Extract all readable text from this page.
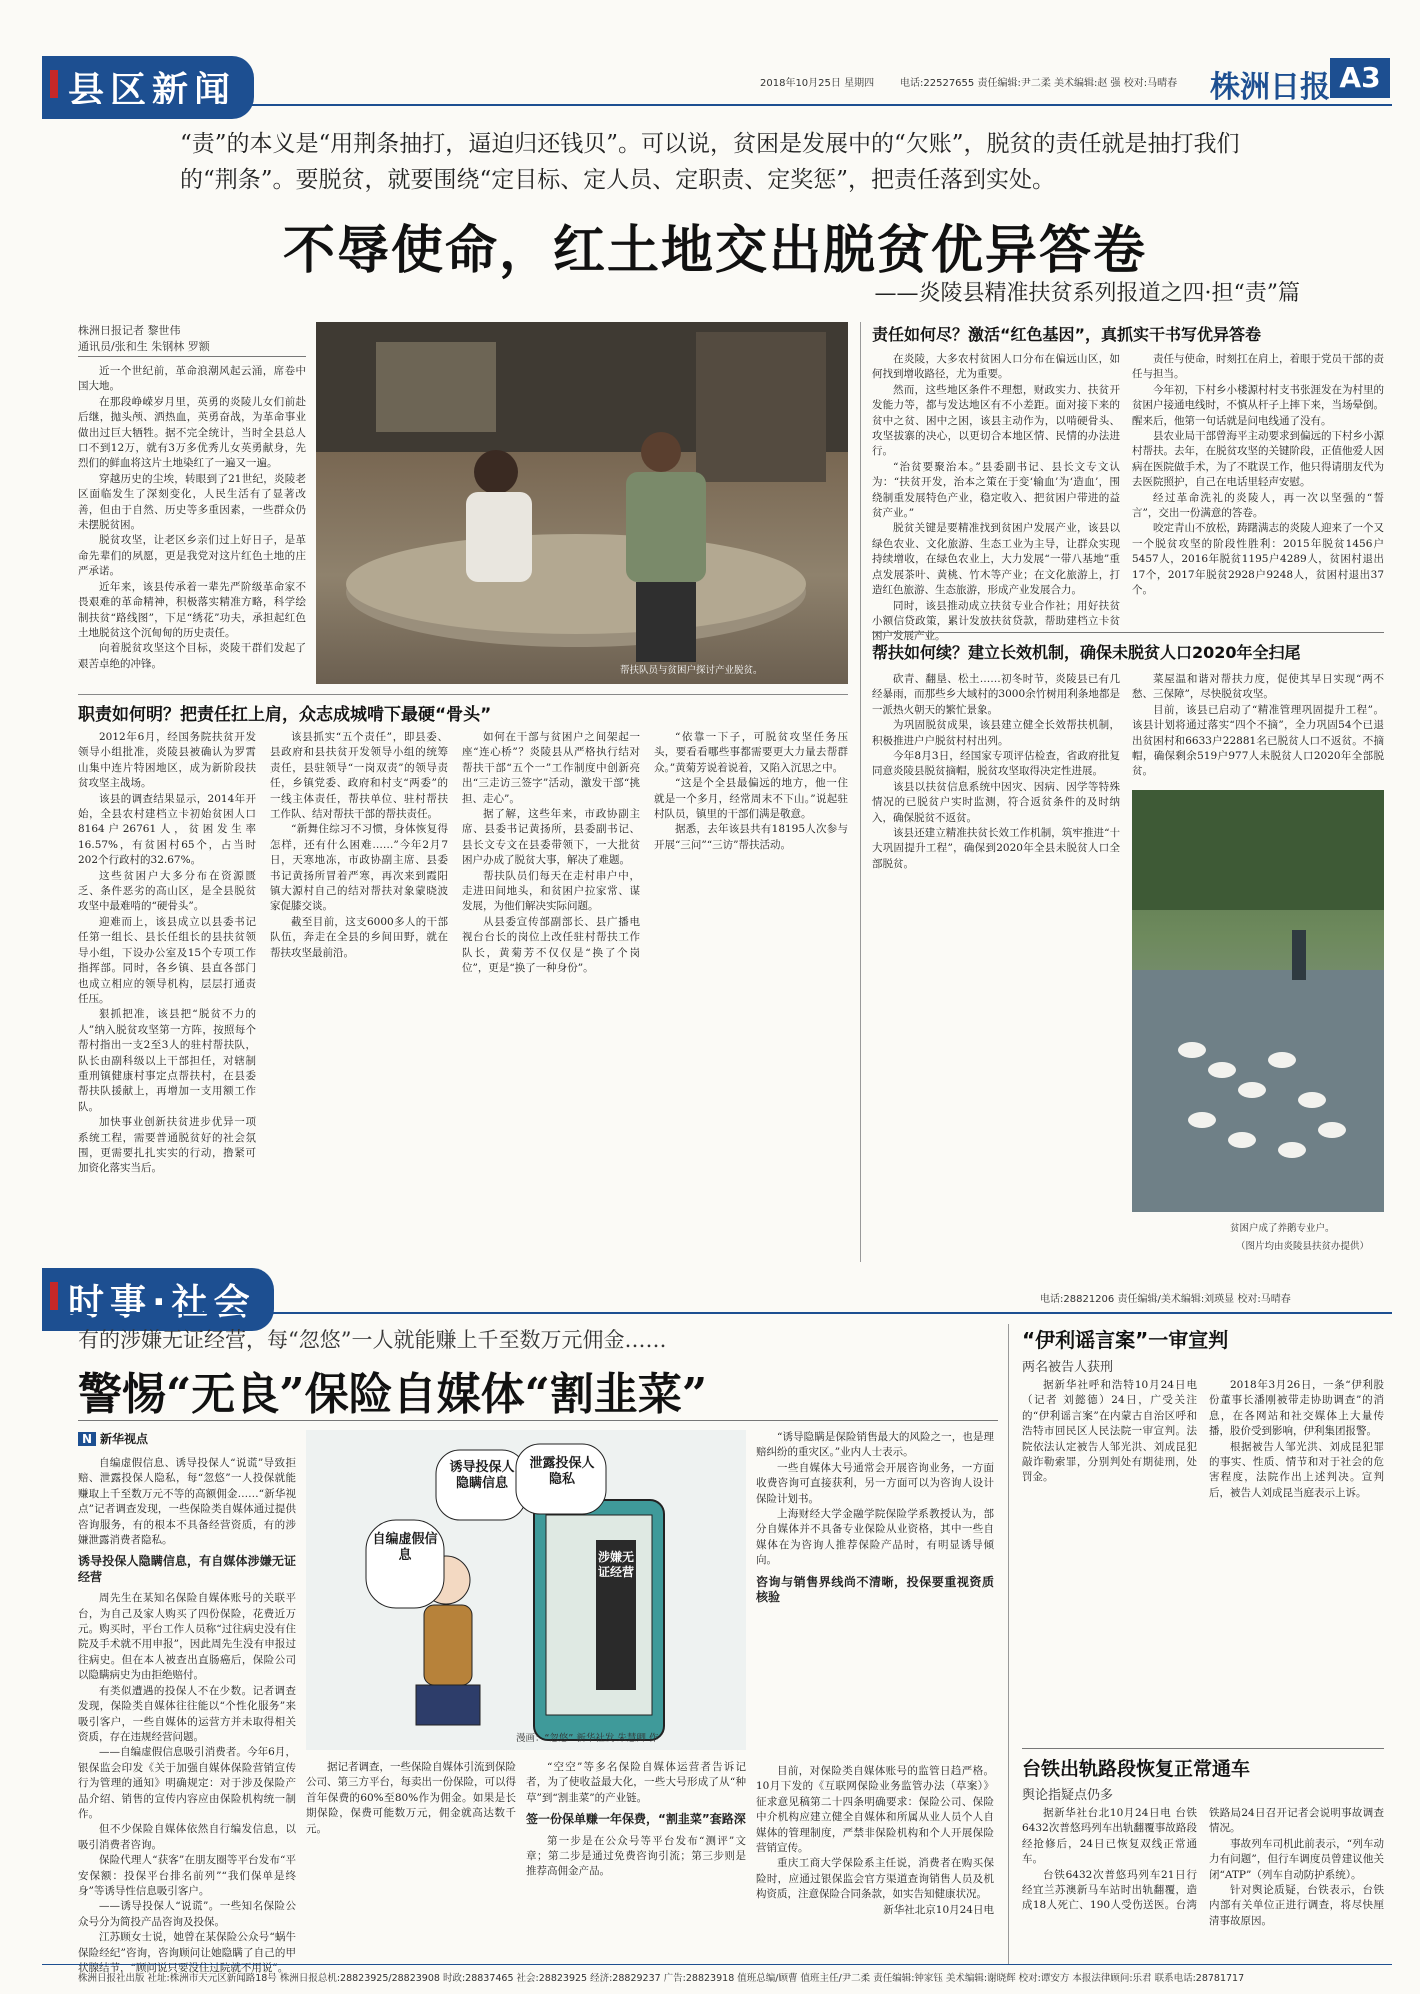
县区新闻	2018年10月25日 星期四	电话:22527655 责任编辑:尹二柔 美术编辑:赵 强 校对:马晴春	株洲日报 A3
“责”的本义是“用荆条抽打，逼迫归还钱贝”。可以说，贫困是发展中的“欠账”，脱贫的责任就是抽打我们的“荆条”。要脱贫，就要围绕“定目标、定人员、定职责、定奖惩”，把责任落到实处。
不辱使命，红土地交出脱贫优异答卷
——炎陵县精准扶贫系列报道之四·担“责”篇
株洲日报记者 黎世伟
通讯员/张和生 朱钢林 罗额

近一个世纪前，革命浪潮风起云涌，席卷中国大地。

在那段峥嵘岁月里，英勇的炎陵儿女们前赴后继，抛头颅、洒热血，英勇奋战，为革命事业做出过巨大牺牲。据不完全统计，当时全县总人口不到12万，就有3万多优秀儿女英勇献身，先烈们的鲜血将这片土地染红了一遍又一遍。

穿越历史的尘埃，转眼到了21世纪，炎陵老区面临发生了深刻变化，人民生活有了显著改善，但由于自然、历史等多重因素，一些群众仍未摆脱贫困。

脱贫攻坚，让老区乡亲们过上好日子，是革命先辈们的夙愿，更是我党对这片红色土地的庄严承诺。

近年来，该县传承着一辈先严阶级革命家不畏艰难的革命精神，积极落实精准方略，科学绘制扶贫“路线图”，下足“绣花”功夫，承担起红色土地脱贫这个沉甸甸的历史责任。

向着脱贫攻坚这个目标，炎陵干群们发起了艰苦卓绝的冲锋。

帮扶队员与贫困户探讨产业脱贫。
职责如何明？把责任扛上肩，众志成城啃下最硬“骨头”

2012年6月，经国务院扶贫开发领导小组批准，炎陵县被确认为罗霄山集中连片特困地区，成为新阶段扶贫攻坚主战场。

该县的调查结果显示，2014年开始，全县农村建档立卡初始贫困人口8164户26761人，贫困发生率16.57%，有贫困村65个，占当时202个行政村的32.67%。

这些贫困户大多分布在资源匮乏、条件恶劣的高山区，是全县脱贫攻坚中最难啃的“硬骨头”。

迎难而上，该县成立以县委书记任第一组长、县长任组长的县扶贫领导小组，下设办公室及15个专项工作指挥部。同时，各乡镇、县直各部门也成立相应的领导机构，层层打通责任压。

狠抓把准，该县把“脱贫不力的人”纳入脱贫攻坚第一方阵，按照每个帮村指出一支2至3人的驻村帮扶队，队长由副科级以上干部担任，对辖制重刑镇健康村事定点帮扶村，在县委帮扶队援献上，再增加一支用额工作队。

加快事业创新扶贫进步优异一项系统工程，需要普通脱贫好的社会氛围，更需要扎扎实实的行动，撸紧可加资化落实当后。

该县抓实“五个责任”，即县委、县政府和县扶贫开发领导小组的统筹责任，县驻领导“一岗双责”的领导责任，乡镇党委、政府和村支“两委”的一线主体责任，帮扶单位、驻村帮扶工作队、结对帮扶干部的帮扶责任。

“新舞住综习不习惯，身体恢复得怎样，还有什么困难……”今年2月7日，天寒地冻，市政协副主席、县委书记黄扬所冒着严寒，再次来到霞阳镇大源村自己的结对帮扶对象蒙晓波家促膝交谈。

截至目前，这支6000多人的干部队伍，奔走在全县的乡间田野，就在帮扶攻坚最前沿。

如何在干部与贫困户之间架起一座“连心桥”？炎陵县从严格执行结对帮扶干部“五个一”工作制度中创新亮出“三走访三签字”活动，激发干部“挑担、走心”。

据了解，这些年来，市政协副主席、县委书记黄扬所，县委副书记、县长文专文在县委带领下，一大批贫困户办成了脱贫大事，解决了难题。

帮扶队员们每天在走村串户中，走进田间地头，和贫困户拉家常、谋发展，为他们解决实际问题。

从县委宣传部副部长、县广播电视台台长的岗位上改任驻村帮扶工作队长，黄菊芳不仅仅是“换了个岗位”，更是“换了一种身份”。

“依靠一下子，可脱贫攻坚任务压头，要看看哪些事都需要更大力量去帮群众。”黄菊芳说着说着，又陷入沉思之中。

“这是个全县最偏远的地方，他一住就是一个多月，经常周末不下山。”说起驻村队员，镇里的干部们满是敬意。

据悉，去年该县共有18195人次参与开展“三问”“三访”帮扶活动。

责任如何尽？激活“红色基因”，真抓实干书写优异答卷

在炎陵，大多农村贫困人口分布在偏远山区，如何找到增收路径，尤为重要。

然而，这些地区条件不理想，财政实力、扶贫开发能力等，都与发达地区有不小差距。面对接下来的贫中之贫、困中之困，该县主动作为，以啃硬骨头、攻坚拔寨的决心，以更切合本地区情、民情的办法进行。

“治贫要聚治本。”县委副书记、县长文专文认为：“扶贫开发，治本之策在于变‘输血’为‘造血’，围绕制重发展特色产业，稳定收入、把贫困户带进的益贫产业。”

脱贫关键是要精准找到贫困户发展产业，该县以绿色农业、文化旅游、生态工业为主导，让群众实现持续增收，在绿色农业上，大力发展“一带八基地”重点发展茶叶、黄桃、竹木等产业；在文化旅游上，打造红色旅游、生态旅游，形成产业发展合力。

同时，该县推动成立扶贫专业合作社；用好扶贫小额信贷政策，累计发放扶贫贷款，帮助建档立卡贫困户发展产业。

责任与使命，时刻扛在肩上，着眼于党员干部的责任与担当。

今年初，下村乡小楼源村村支书张涯发在为村里的贫困户接通电线时，不慎从杆子上摔下来，当场晕倒。醒来后，他第一句话就是问电线通了没有。

县农业局干部曾海平主动要求到偏远的下村乡小源村帮扶。去年，在脱贫攻坚的关键阶段，正值他爱人因病在医院做手术，为了不耽误工作，他只得请朋友代为去医院照护，自己在电话里轻声安慰。

经过革命洗礼的炎陵人，再一次以坚强的“誓言”，交出一份满意的答卷。

咬定青山不放松，踌躇满志的炎陵人迎来了一个又一个脱贫攻坚的阶段性胜利：2015年脱贫1456户5457人，2016年脱贫1195户4289人，贫困村退出17个，2017年脱贫2928户9248人，贫困村退出37个。

帮扶如何续？建立长效机制，确保未脱贫人口2020年全扫尾

砍青、翻垦、松土……初冬时节，炎陵县已有几经暴雨，而那些乡大域村的3000余竹树用利条地都是一派热火朝天的繁忙景象。

为巩固脱贫成果，该县建立健全长效帮扶机制，积极推进户户脱贫村村出列。

今年8月3日，经国家专项评估检查，省政府批复同意炎陵县脱贫摘帽，脱贫攻坚取得决定性进展。

该县以扶贫信息系统中因灾、因病、因学等特殊情况的已脱贫户实时监测，符合返贫条件的及时纳入，确保脱贫不返贫。

该县还建立精准扶贫长效工作机制，筑牢推进“十大巩固提升工程”，确保到2020年全县未脱贫人口全部脱贫。

菜屋温和谐对帮扶力度，促使其早日实现“两不愁、三保障”，尽快脱贫攻坚。

目前，该县已启动了“精准管理巩固提升工程”。该县计划将通过落实“四个不摘”，全力巩固54个已退出贫困村和6633户22881名已脱贫人口不返贫。不摘帽，确保剩余519户977人未脱贫人口2020年全部脱贫。

贫困户成了养鹅专业户。
（图片均由炎陵县扶贫办提供）
时事·社会	电话:28821206 责任编辑/美术编辑:刘瑛显 校对:马晴春
有的涉嫌无证经营，每“忽悠”一人就能赚上千至数万元佣金……
警惕“无良”保险自媒体“割韭菜”
N 新华视点

自编虚假信息、诱导投保人“说谎”导致拒赔、泄露投保人隐私，每“忽悠”一人投保就能赚取上千至数万元不等的高额佣金……“新华视点”记者调查发现，一些保险类自媒体通过提供咨询服务，有的根本不具备经营资质，有的涉嫌泄露消费者隐私。

诱导投保人隐瞒信息，有自媒体涉嫌无证经营

周先生在某知名保险自媒体账号的关联平台，为自己及家人购买了四份保险，花费近万元。购买时，平台工作人员称“过往病史没有住院及手术就不用申报”，因此周先生没有申报过往病史。但在本人被查出直肠癌后，保险公司以隐瞒病史为由拒绝赔付。

有类似遭遇的投保人不在少数。记者调查发现，保险类自媒体往往能以“个性化服务”来吸引客户，一些自媒体的运营方并未取得相关资质，存在违规经营问题。

——自编虚假信息吸引消费者。今年6月，银保监会印发《关于加强自媒体保险营销宣传行为管理的通知》明确规定：对于涉及保险产品介绍、销售的宣传内容应由保险机构统一制作。

但不少保险自媒体依然自行编发信息，以吸引消费者咨询。

保险代理人“获客”在朋友圈等平台发布“平安保额：投保平台排名前列”“我们保单是终身”等诱导性信息吸引客户。

——诱导投保人“说谎”。一些知名保险公众号分为简投产品咨询及投保。

江苏顾女士说，她曾在某保险公众号“蜗牛保险经纪”咨询，咨询顾问让她隐瞒了自己的甲状腺结节，“顾问说只要没住过院就不用说”。

诱导投保人隐瞒信息
泄露投保人隐私
自编虚假信息	涉嫌无证经营
漫画：“忽悠” 新华社发 朱慧卿 作

“诱导隐瞒是保险销售最大的风险之一，也是理赔纠纷的重灾区。”业内人士表示。

一些自媒体大号通常会开展咨询业务，一方面收费咨询可直接获利，另一方面可以为咨询人设计保险计划书。

上海财经大学金融学院保险学系教授认为，部分自媒体并不具备专业保险从业资格，其中一些自媒体在为咨询人推荐保险产品时，有明显诱导倾向。

咨询与销售界线尚不清晰，投保要重视资质核验

据记者调查，一些保险自媒体引流到保险公司、第三方平台，每卖出一份保险，可以得首年保费的60%至80%作为佣金。如果是长期保险，保费可能数万元，佣金就高达数千元。

“空空”等多名保险自媒体运营者告诉记者，为了使收益最大化，一些大号形成了从“种草”到“割韭菜”的产业链。

签一份保单赚一年保费，“割韭菜”套路深

第一步是在公众号等平台发布“测评”文章；第二步是通过免费咨询引流；第三步则是推荐高佣金产品。

目前，对保险类自媒体账号的监管日趋严格。10月下发的《互联网保险业务监管办法（草案）》征求意见稿第二十四条明确要求：保险公司、保险中介机构应建立健全自媒体和所属从业人员个人自媒体的管理制度，严禁非保险机构和个人开展保险营销宣传。

重庆工商大学保险系主任说，消费者在购买保险时，应通过银保监会官方渠道查询销售人员及机构资质，注意保险合同条款，如实告知健康状况。

新华社北京10月24日电

“伊利谣言案”一审宣判
两名被告人获刑

据新华社呼和浩特10月24日电（记者 刘懿德）24日，广受关注的“伊利谣言案”在内蒙古自治区呼和浩特市回民区人民法院一审宣判。法院依法认定被告人邹光洪、刘成昆犯敲诈勒索罪，分别判处有期徒刑，处罚金。

2018年3月26日，一条“伊利股份董事长潘刚被带走协助调查”的消息，在各网站和社交媒体上大量传播，股价受到影响，伊利集团报警。

根据被告人邹光洪、刘成昆犯罪的事实、性质、情节和对于社会的危害程度，法院作出上述判决。宣判后，被告人刘成昆当庭表示上诉。

台铁出轨路段恢复正常通车
舆论指疑点仍多

据新华社台北10月24日电 台铁6432次普悠玛列车出轨翻覆事故路段经抢修后，24日已恢复双线正常通车。

台铁6432次普悠玛列车21日行经宜兰苏澳新马车站时出轨翻覆，造成18人死亡、190人受伤送医。台湾铁路局24日召开记者会说明事故调查情况。

事故列车司机此前表示，“列车动力有问题”，但行车调度员曾建议他关闭“ATP”（列车自动防护系统）。

针对舆论质疑，台铁表示，台铁内部有关单位正进行调查，将尽快厘清事故原因。

株洲日报社出版 社址:株洲市天元区新闻路18号 株洲日报总机:28823925/28823908 时政:28837465 社会:28823925 经济:28829237 广告:28823918 值班总编/顾曹 值班主任/尹二柔 责任编辑:钟家钰 美术编辑:谢晓辉 校对:谭安方 本报法律顾问:乐君 联系电话:28781717
